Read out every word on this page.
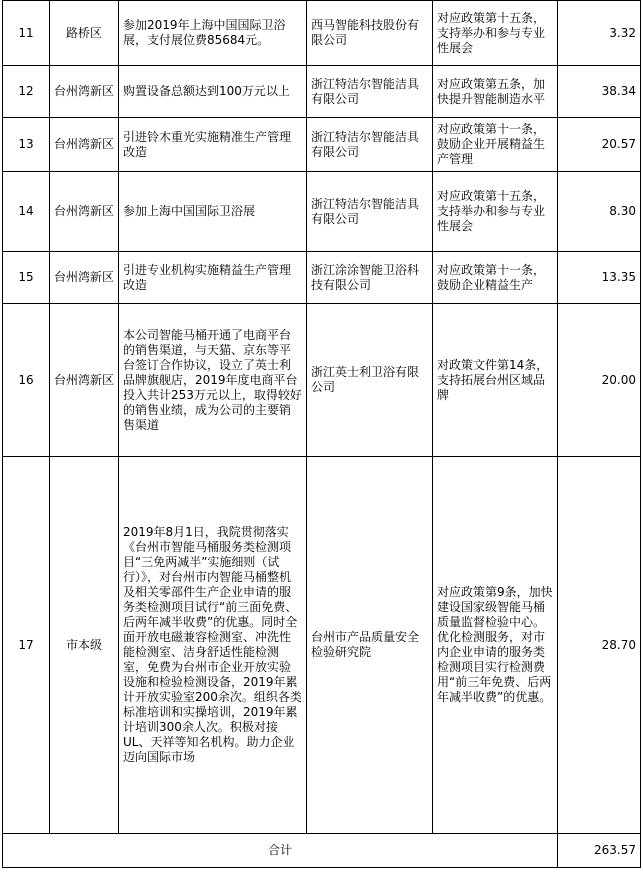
11	路桥区	参加2019年上海中国国际卫浴展，支付展位费85684元。	西马智能科技股份有限公司	对应政策第十五条，支持举办和参与专业性展会	3.32
12	台州湾新区	购置设备总额达到100万元以上	浙江特洁尔智能洁具有限公司	对应政策第五条，加快提升智能制造水平	38.34
13	台州湾新区	引进铃木重光实施精准生产管理改造	浙江特洁尔智能洁具有限公司	对应政策第十一条，鼓励企业开展精益生产管理	20.57
14	台州湾新区	参加上海中国国际卫浴展	浙江特洁尔智能洁具有限公司	对应政策第十五条，支持举办和参与专业性展会	8.30
15	台州湾新区	引进专业机构实施精益生产管理改造	浙江涂涂智能卫浴科技有限公司	对应政策第十一条，鼓励企业精益生产	13.35
16	台州湾新区	本公司智能马桶开通了电商平台的销售渠道，与天猫、京东等平台签订合作协议，设立了英士利品牌旗舰店，2019年度电商平台投入共计253万元以上，取得较好的销售业绩，成为公司的主要销售渠道	浙江英士利卫浴有限公司	对政策文件第14条，支持拓展台州区域品牌	20.00
17	市本级	2019年8月1日，我院贯彻落实《台州市智能马桶服务类检测项目“三免两减半”实施细则（试行）》，对台州市内智能马桶整机及相关零部件生产企业申请的服务类检测项目试行“前三面免费、后两年减半收费”的优惠。同时全面开放电磁兼容检测室、冲洗性能检测室、洁身舒适性能检测室，免费为台州市企业开放实验设施和检验检测设备，2019年累计开放实验室200余次。组织各类标准培训和实操培训，2019年累计培训300余人次。积极对接UL、天祥等知名机构。助力企业迈向国际市场	台州市产品质量安全检验研究院	对应政策第9条，加快建设国家级智能马桶质量监督检验中心。优化检测服务，对市内企业申请的服务类检测项目实行检测费用“前三年免费、后两年减半收费”的优惠。	28.70
合计					263.57
